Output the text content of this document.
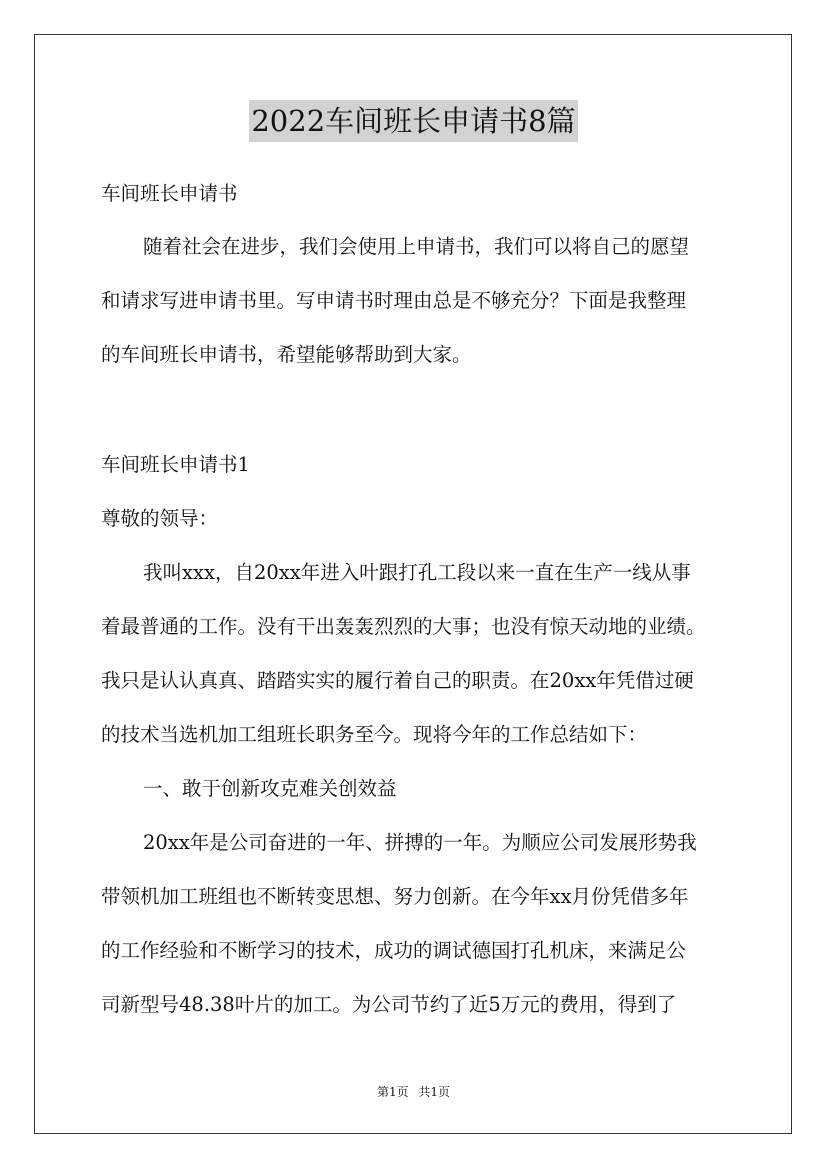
2022车间班长申请书8篇
车间班长申请书
随着社会在进步，我们会使用上申请书，我们可以将自己的愿望
和请求写进申请书里。写申请书时理由总是不够充分？下面是我整理
的车间班长申请书，希望能够帮助到大家。
车间班长申请书1
尊敬的领导：
我叫xxx，自20xx年进入叶跟打孔工段以来一直在生产一线从事
着最普通的工作。没有干出轰轰烈烈的大事；也没有惊天动地的业绩。
我只是认认真真、踏踏实实的履行着自己的职责。在20xx年凭借过硬
的技术当选机加工组班长职务至今。现将今年的工作总结如下：
一、敢于创新攻克难关创效益
20xx年是公司奋进的一年、拼搏的一年。为顺应公司发展形势我
带领机加工班组也不断转变思想、努力创新。在今年xx月份凭借多年
的工作经验和不断学习的技术，成功的调试德国打孔机床，来满足公
司新型号48.38叶片的加工。为公司节约了近5万元的费用，得到了
第1页 共1页
